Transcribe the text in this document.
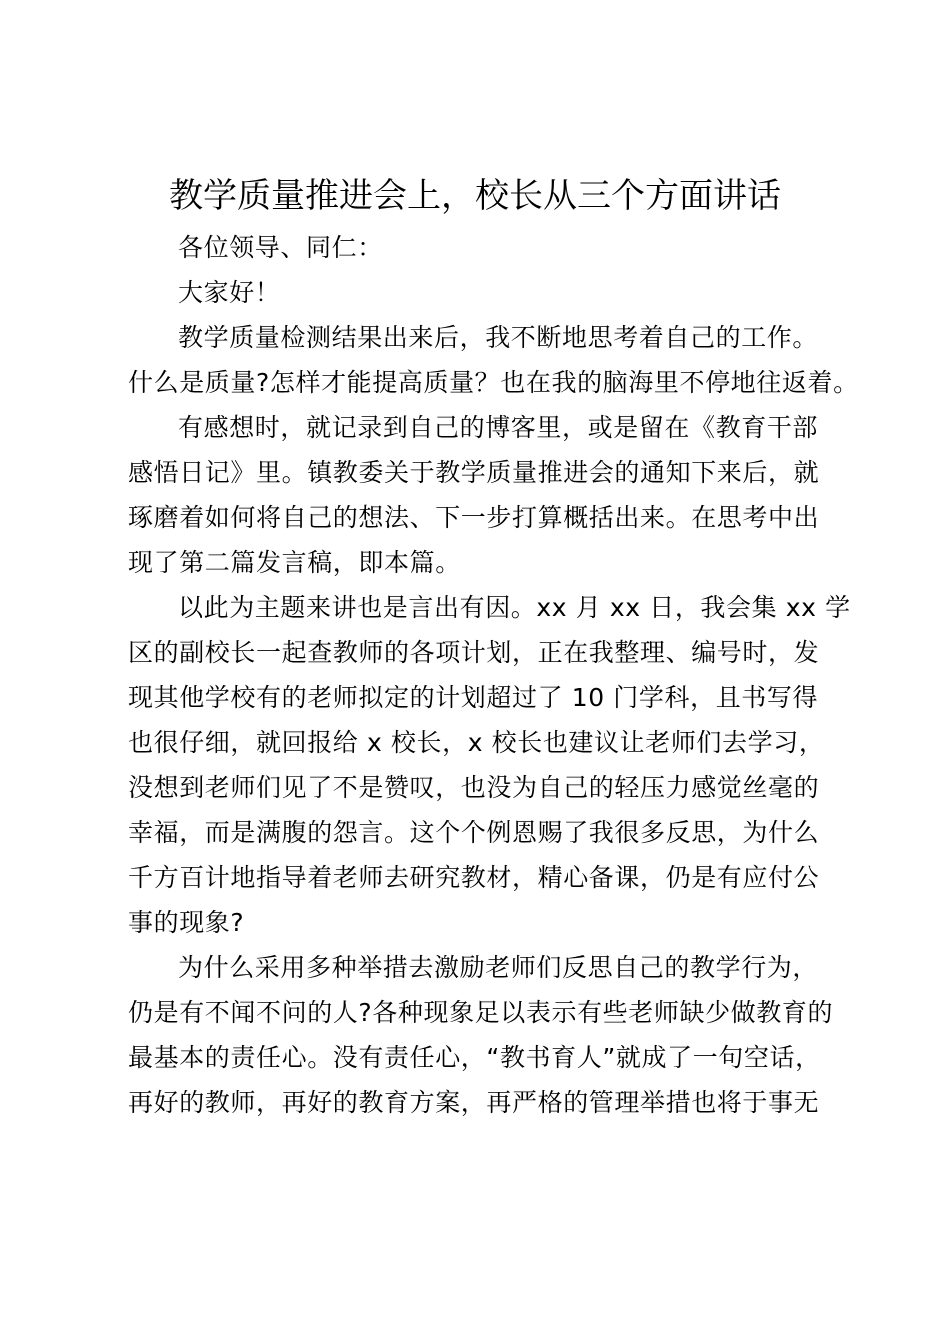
教学质量推进会上，校长从三个方面讲话

各位领导、同仁：

大家好！

教学质量检测结果出来后，我不断地思考着自己的工作。
什么是质量?怎样才能提高质量？也在我的脑海里不停地往返着。

有感想时，就记录到自己的博客里，或是留在《教育干部
感悟日记》里。镇教委关于教学质量推进会的通知下来后，就
琢磨着如何将自己的想法、下一步打算概括出来。在思考中出
现了第二篇发言稿，即本篇。

以此为主题来讲也是言出有因。xx 月 xx 日，我会集 xx 学
区的副校长一起查教师的各项计划，正在我整理、编号时，发
现其他学校有的老师拟定的计划超过了 10 门学科，且书写得
也很仔细，就回报给 x 校长，x 校长也建议让老师们去学习，
没想到老师们见了不是赞叹，也没为自己的轻压力感觉丝毫的
幸福，而是满腹的怨言。这个个例恩赐了我很多反思，为什么
千方百计地指导着老师去研究教材，精心备课，仍是有应付公
事的现象?

为什么采用多种举措去激励老师们反思自己的教学行为，
仍是有不闻不问的人?各种现象足以表示有些老师缺少做教育的
最基本的责任心。没有责任心，“教书育人”就成了一句空话，
再好的教师，再好的教育方案，再严格的管理举措也将于事无
